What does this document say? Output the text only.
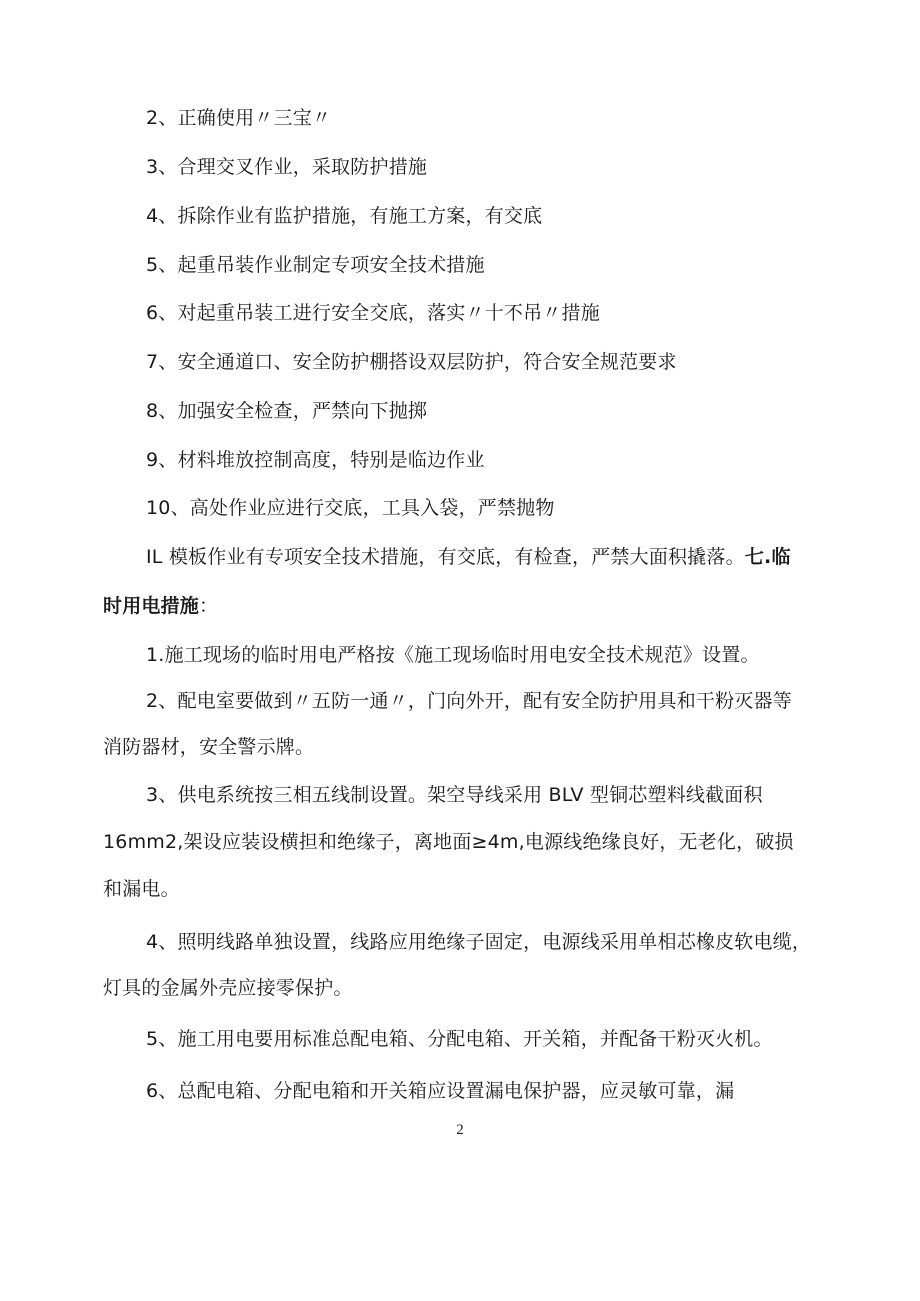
2、正确使用〃三宝〃
3、合理交叉作业，采取防护措施
4、拆除作业有监护措施，有施工方案，有交底
5、起重吊装作业制定专项安全技术措施
6、对起重吊装工进行安全交底，落实〃十不吊〃措施
7、安全通道口、安全防护棚搭设双层防护，符合安全规范要求
8、加强安全检查，严禁向下抛掷
9、材料堆放控制高度，特别是临边作业
10、高处作业应进行交底，工具入袋，严禁抛物
IL 模板作业有专项安全技术措施，有交底，有检查，严禁大面积撬落。七.临
时用电措施：
1.施工现场的临时用电严格按《施工现场临时用电安全技术规范》设置。
2、配电室要做到〃五防一通〃，门向外开，配有安全防护用具和干粉灭器等
消防器材，安全警示牌。
3、供电系统按三相五线制设置。架空导线采用 BLV 型铜芯塑料线截面积
16mm2,架设应装设横担和绝缘子，离地面≥4m,电源线绝缘良好，无老化，破损
和漏电。
4、照明线路单独设置，线路应用绝缘子固定，电源线采用单相芯橡皮软电缆，
灯具的金属外壳应接零保护。
5、施工用电要用标准总配电箱、分配电箱、开关箱，并配备干粉灭火机。
6、总配电箱、分配电箱和开关箱应设置漏电保护器，应灵敏可靠，漏
2
